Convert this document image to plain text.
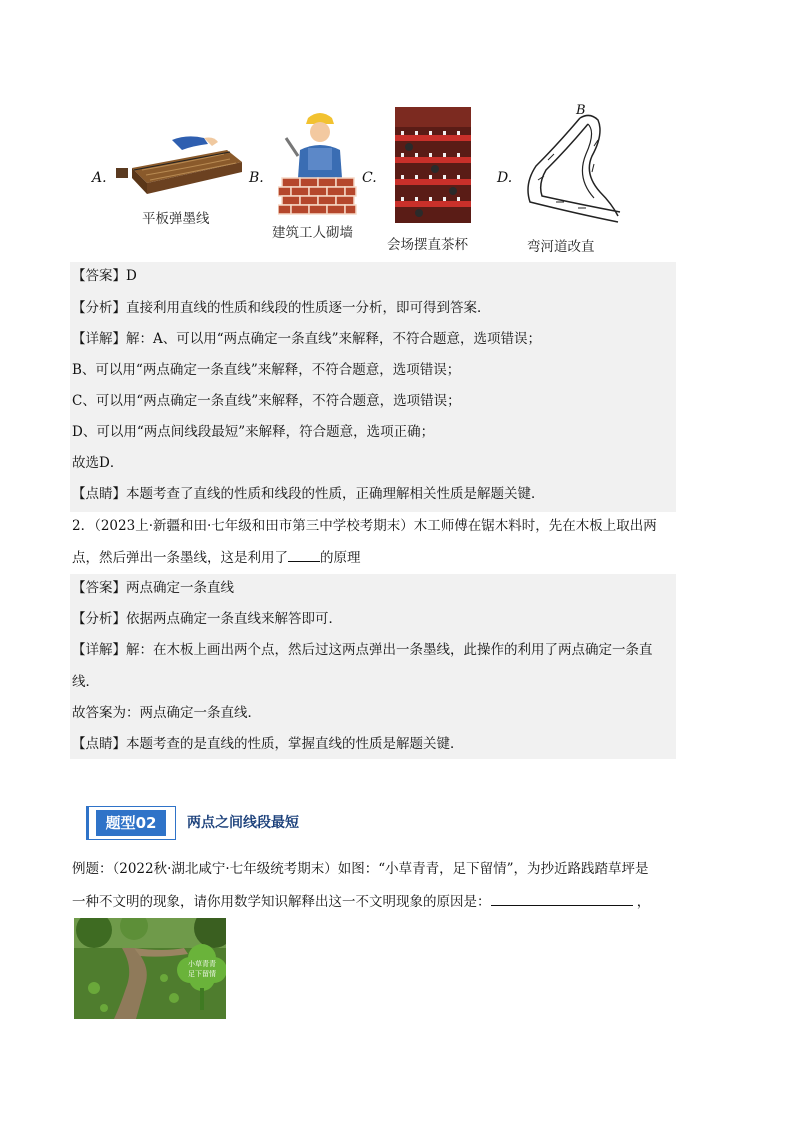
A.
平板弹墨线
B.
建筑工人砌墙
C.
会场摆直茶杯
D.
B
弯河道改直
【答案】D
【分析】直接利用直线的性质和线段的性质逐一分析，即可得到答案．
【详解】解：A、可以用“两点确定一条直线”来解释，不符合题意，选项错误；
B、可以用“两点确定一条直线”来解释，不符合题意，选项错误；
C、可以用“两点确定一条直线”来解释，不符合题意，选项错误；
D、可以用“两点间线段最短”来解释，符合题意，选项正确；
故选D．
【点睛】本题考查了直线的性质和线段的性质，正确理解相关性质是解题关键．
2．（2023上·新疆和田·七年级和田市第三中学校考期末）木工师傅在锯木料时，先在木板上取出两
点，然后弹出一条墨线，这是利用了 的原理
【答案】两点确定一条直线
【分析】依据两点确定一条直线来解答即可．
【详解】解：在木板上画出两个点，然后过这两点弹出一条墨线，此操作的利用了两点确定一条直
线．
故答案为：两点确定一条直线．
【点睛】本题考查的是直线的性质，掌握直线的性质是解题关键．
题型02	两点之间线段最短
例题：（2022秋·湖北咸宁·七年级统考期末）如图：“小草青青，足下留情”，为抄近路践踏草坪是
一种不文明的现象，请你用数学知识解释出这一不文明现象的原因是：	，
小草青青
足下留情
